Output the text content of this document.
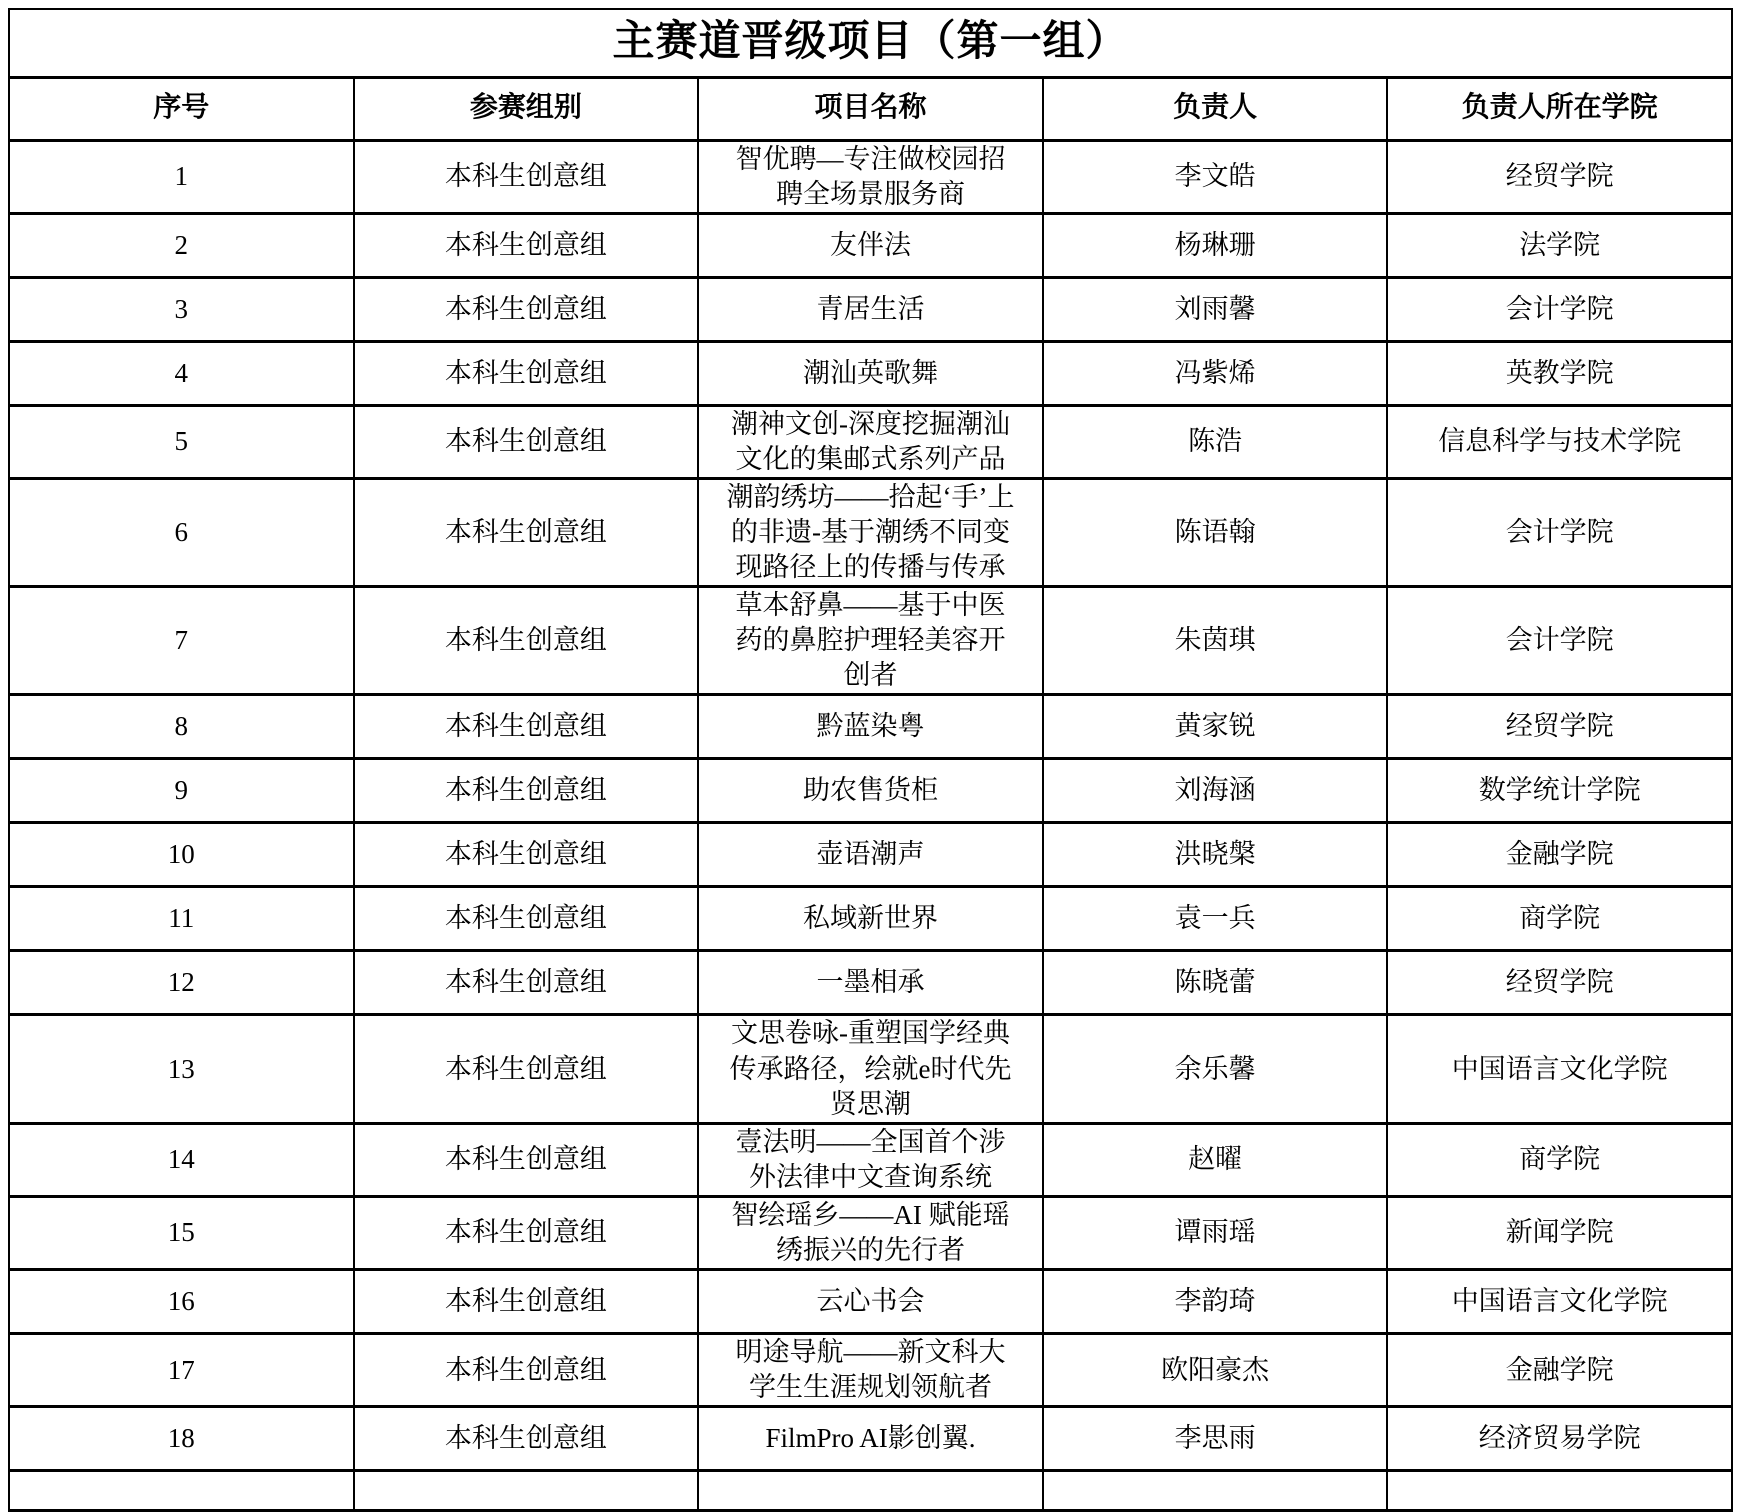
主赛道晋级项目（第一组）				
序号	参赛组别	项目名称	负责人	负责人所在学院
1	本科生创意组	智优聘—专注做校园招聘全场景服务商	李文皓	经贸学院
2	本科生创意组	友伴法	杨琳珊	法学院
3	本科生创意组	青居生活	刘雨馨	会计学院
4	本科生创意组	潮汕英歌舞	冯紫烯	英教学院
5	本科生创意组	潮神文创-深度挖掘潮汕文化的集邮式系列产品	陈浩	信息科学与技术学院
6	本科生创意组	潮韵绣坊——拾起‘手’上的非遗-基于潮绣不同变现路径上的传播与传承	陈语翰	会计学院
7	本科生创意组	草本舒鼻——基于中医药的鼻腔护理轻美容开创者	朱茵琪	会计学院
8	本科生创意组	黔蓝染粤	黄家锐	经贸学院
9	本科生创意组	助农售货柜	刘海涵	数学统计学院
10	本科生创意组	壶语潮声	洪晓槃	金融学院
11	本科生创意组	私域新世界	袁一兵	商学院
12	本科生创意组	一墨相承	陈晓蕾	经贸学院
13	本科生创意组	文思卷咏-重塑国学经典传承路径，绘就e时代先贤思潮	余乐馨	中国语言文化学院
14	本科生创意组	壹法明——全国首个涉外法律中文查询系统	赵曜	商学院
15	本科生创意组	智绘瑶乡——AI 赋能瑶绣振兴的先行者	谭雨瑶	新闻学院
16	本科生创意组	云心书会	李韵琦	中国语言文化学院
17	本科生创意组	明途导航——新文科大学生生涯规划领航者	欧阳豪杰	金融学院
18	本科生创意组	FilmPro AI影创翼.	李思雨	经济贸易学院
